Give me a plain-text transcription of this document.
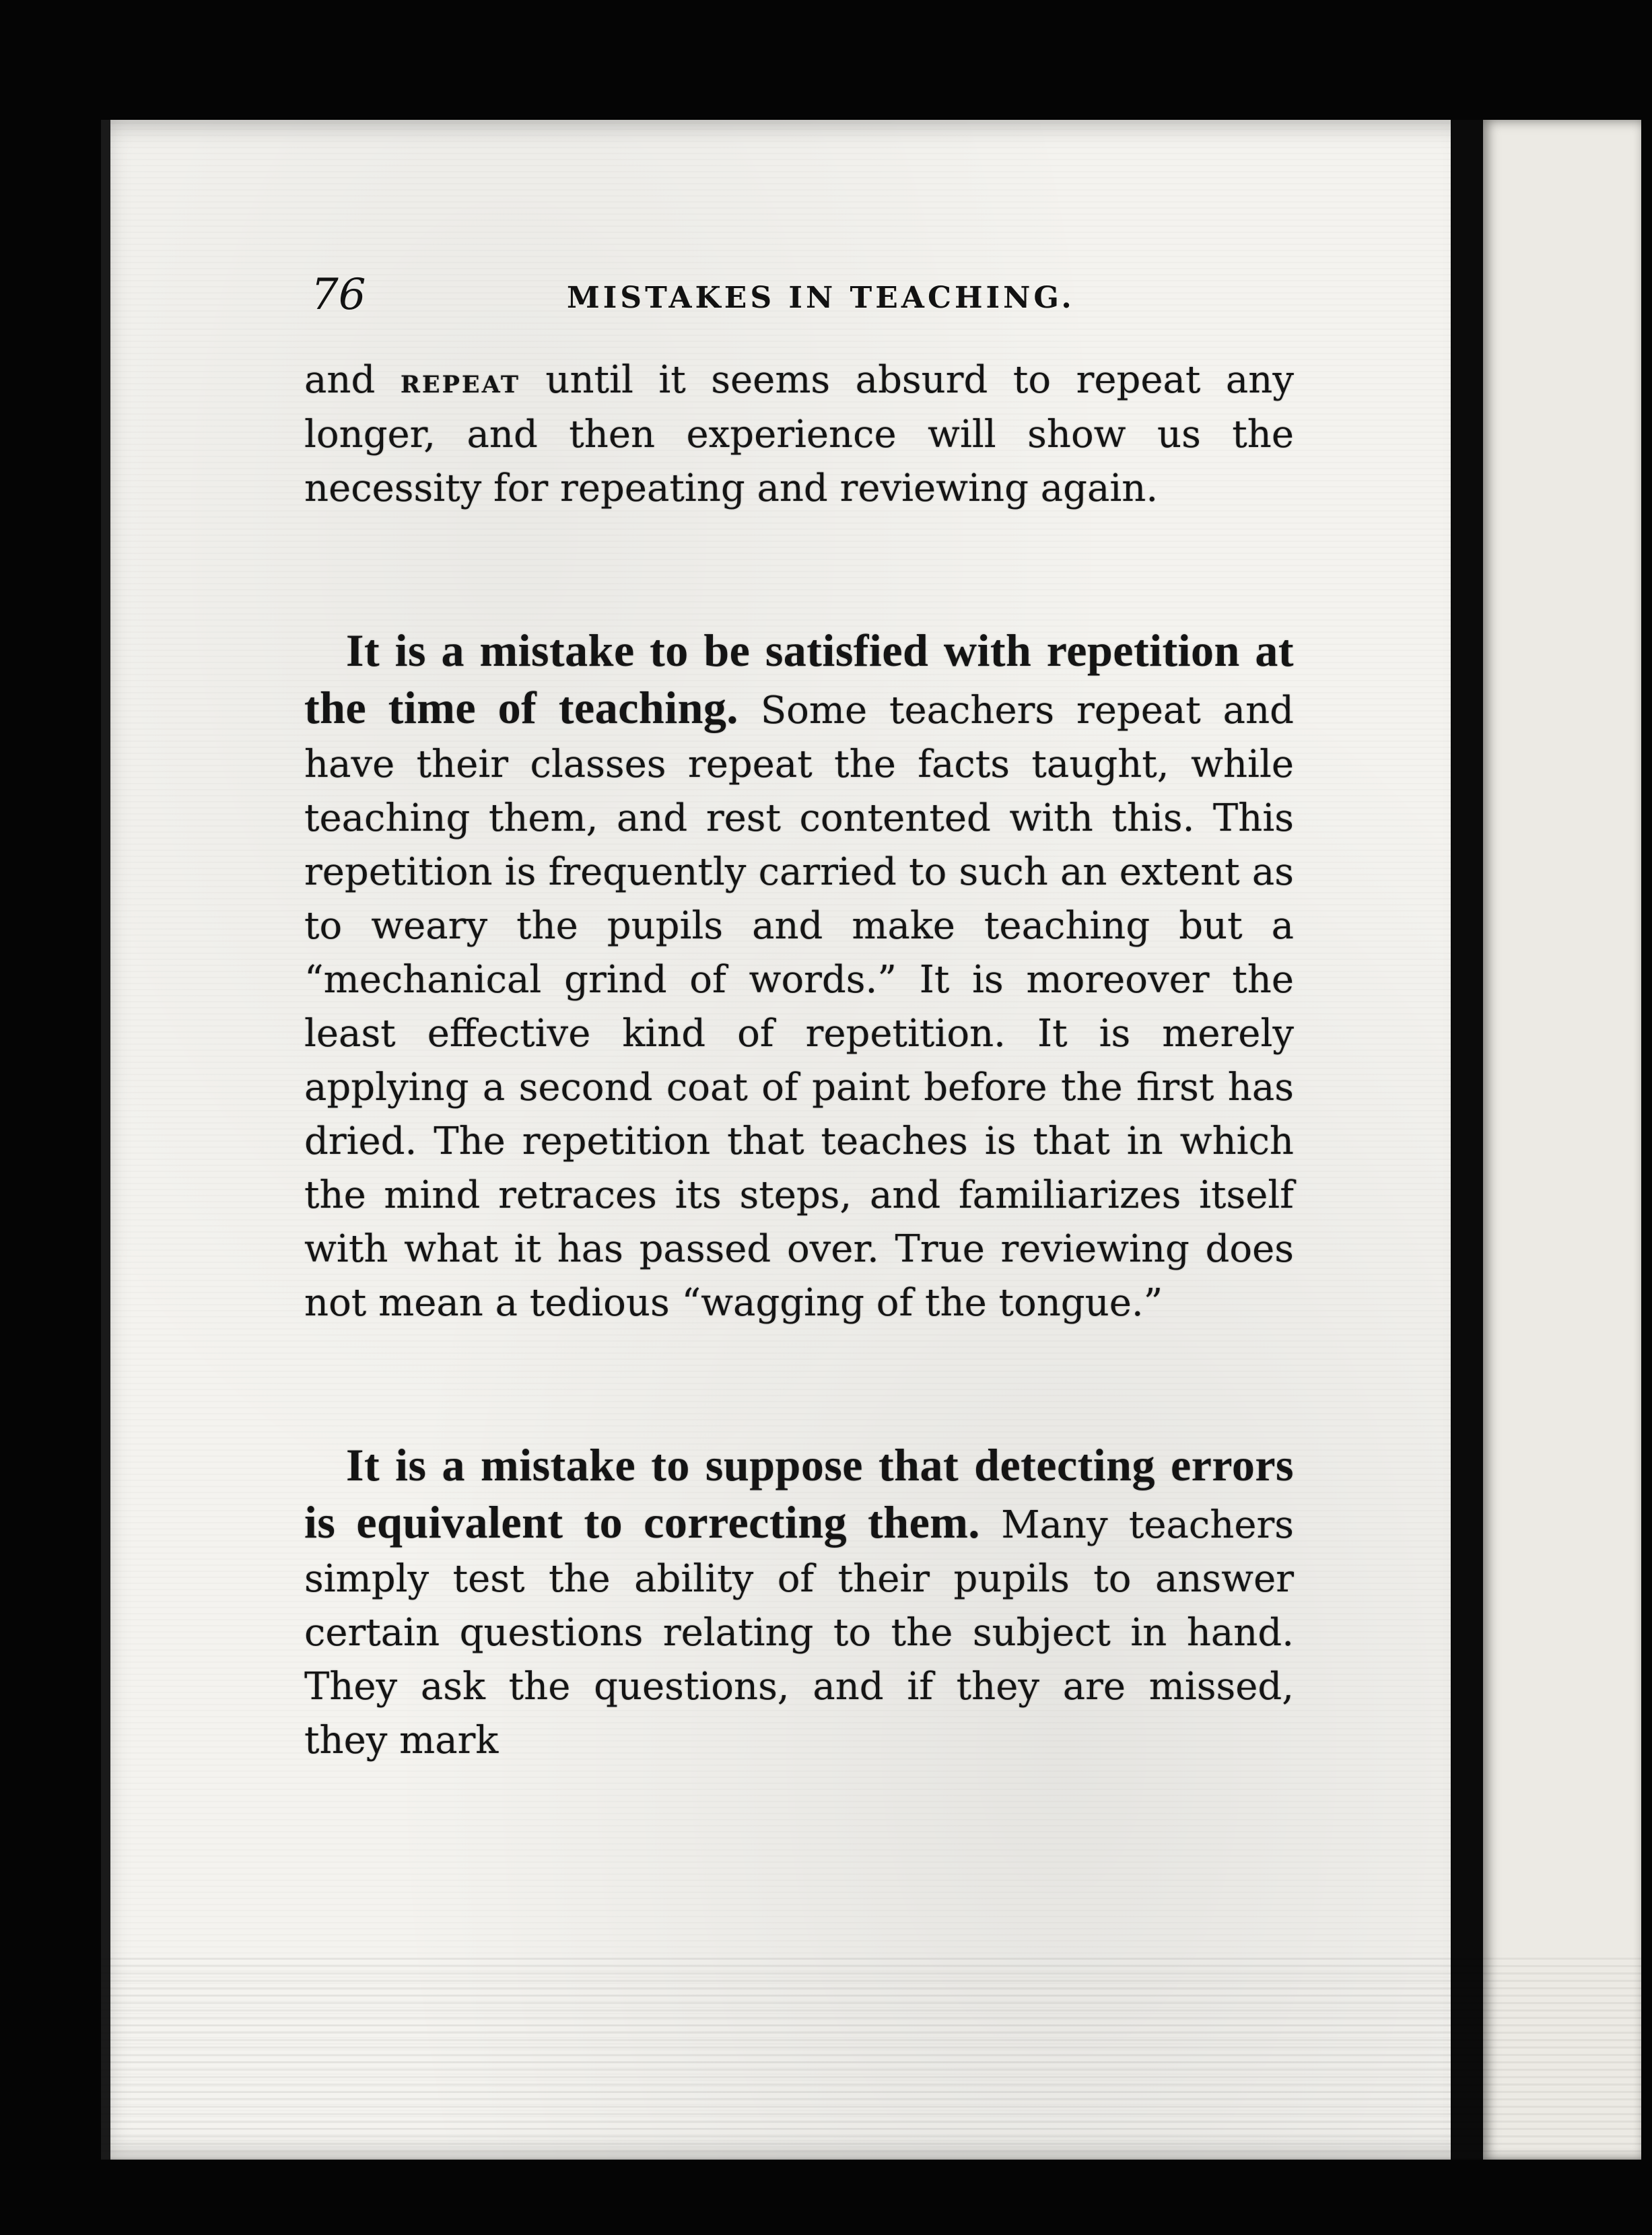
76	MISTAKES IN TEACHING.

and repeat until it seems absurd to repeat any longer, and then experience will show us the necessity for repeating and reviewing again.

It is a mistake to be satisfied with repetition at the time of teaching. Some teachers repeat and have their classes repeat the facts taught, while teaching them, and rest contented with this. This repetition is frequently carried to such an extent as to weary the pupils and make teaching but a “mechanical grind of words.” It is moreover the least effective kind of repetition. It is merely applying a second coat of paint before the first has dried. The repetition that teaches is that in which the mind retraces its steps, and familiarizes itself with what it has passed over. True reviewing does not mean a tedious “wagging of the tongue.”

It is a mistake to suppose that detecting errors is equivalent to correcting them. Many teachers simply test the ability of their pupils to answer certain questions relating to the subject in hand. They ask the questions, and if they are missed, they mark
